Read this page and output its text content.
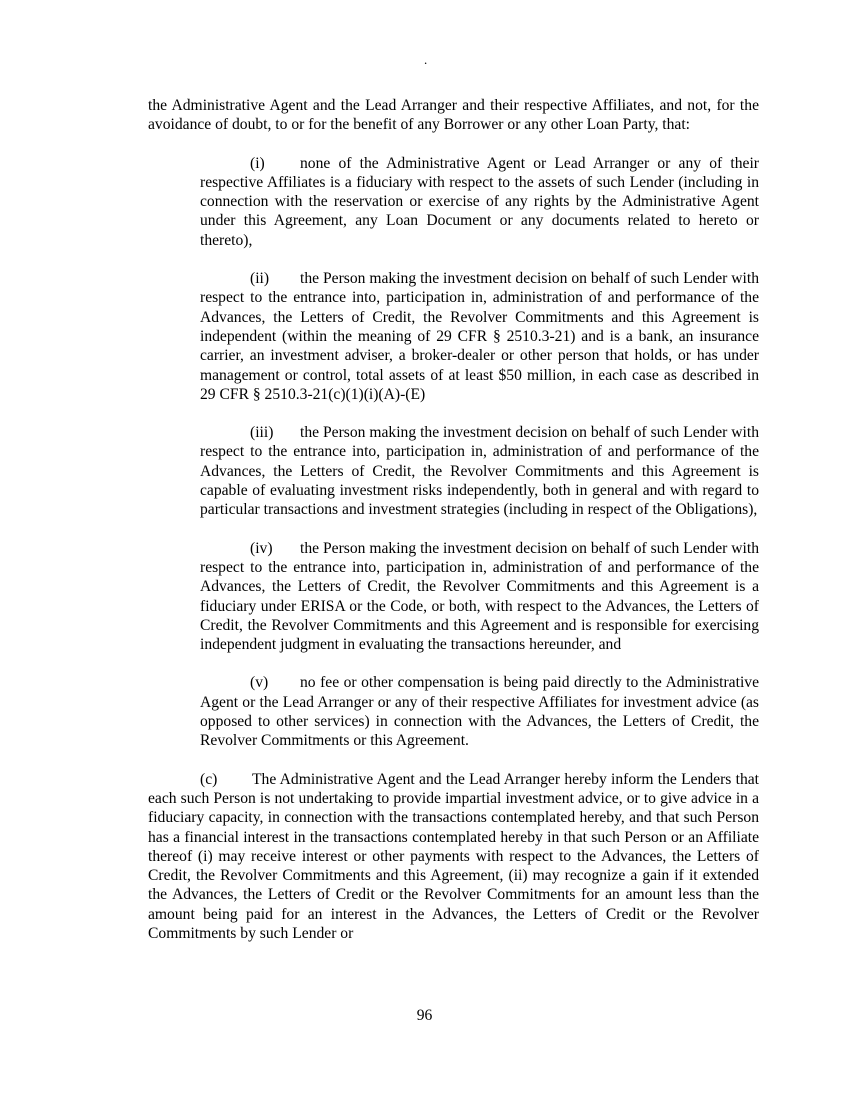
.

the Administrative Agent and the Lead Arranger and their respective Affiliates, and not, for the avoidance of doubt, to or for the benefit of any Borrower or any other Loan Party, that:

(i) none of the Administrative Agent or Lead Arranger or any of their respective Affiliates is a fiduciary with respect to the assets of such Lender (including in connection with the reservation or exercise of any rights by the Administrative Agent under this Agreement, any Loan Document or any documents related to hereto or thereto),

(ii) the Person making the investment decision on behalf of such Lender with respect to the entrance into, participation in, administration of and performance of the Advances, the Letters of Credit, the Revolver Commitments and this Agreement is independent (within the meaning of 29 CFR § 2510.3-21) and is a bank, an insurance carrier, an investment adviser, a broker-dealer or other person that holds, or has under management or control, total assets of at least $50 million, in each case as described in 29 CFR § 2510.3-21(c)(1)(i)(A)-(E)

(iii) the Person making the investment decision on behalf of such Lender with respect to the entrance into, participation in, administration of and performance of the Advances, the Letters of Credit, the Revolver Commitments and this Agreement is capable of evaluating investment risks independently, both in general and with regard to particular transactions and investment strategies (including in respect of the Obligations),

(iv) the Person making the investment decision on behalf of such Lender with respect to the entrance into, participation in, administration of and performance of the Advances, the Letters of Credit, the Revolver Commitments and this Agreement is a fiduciary under ERISA or the Code, or both, with respect to the Advances, the Letters of Credit, the Revolver Commitments and this Agreement and is responsible for exercising independent judgment in evaluating the transactions hereunder, and

(v) no fee or other compensation is being paid directly to the Administrative Agent or the Lead Arranger or any of their respective Affiliates for investment advice (as opposed to other services) in connection with the Advances, the Letters of Credit, the Revolver Commitments or this Agreement.

(c) The Administrative Agent and the Lead Arranger hereby inform the Lenders that each such Person is not undertaking to provide impartial investment advice, or to give advice in a fiduciary capacity, in connection with the transactions contemplated hereby, and that such Person has a financial interest in the transactions contemplated hereby in that such Person or an Affiliate thereof (i) may receive interest or other payments with respect to the Advances, the Letters of Credit, the Revolver Commitments and this Agreement, (ii) may recognize a gain if it extended the Advances, the Letters of Credit or the Revolver Commitments for an amount less than the amount being paid for an interest in the Advances, the Letters of Credit or the Revolver Commitments by such Lender or

96
